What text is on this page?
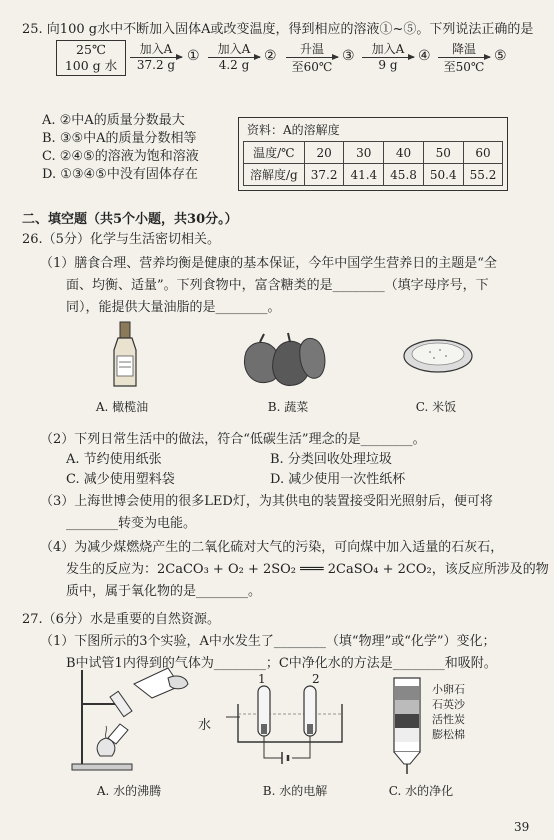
25. 向100 g水中不断加入固体A或改变温度，得到相应的溶液①~⑤。下列说法正确的是
25℃
100 g 水
加入A
37.2 g
①	加入A
4.2 g
②	升温
至60℃
③	加入A
9 g
④	降温
至50℃
⑤
A. ②中A的质量分数最大
B. ③⑤中A的质量分数相等
C. ②④⑤的溶液为饱和溶液
D. ①③④⑤中没有固体存在
资料：A的溶解度
温度/℃	20	30	40	50	60
溶解度/g	37.2	41.4	45.8	50.4	55.2
二、填空题（共5个小题，共30分。）
26.（5分）化学与生活密切相关。
（1）膳食合理、营养均衡是健康的基本保证，今年中国学生营养日的主题是“全
面、均衡、适量”。下列食物中，富含糖类的是________（填字母序号，下
同），能提供大量油脂的是________。
A. 橄榄油	B. 蔬菜	C. 米饭
（2）下列日常生活中的做法，符合“低碳生活”理念的是________。
A. 节约使用纸张	B. 分类回收处理垃圾
C. 减少使用塑料袋	D. 减少使用一次性纸杯
（3）上海世博会使用的很多LED灯，为其供电的装置接受阳光照射后，便可将
________转变为电能。
（4）为减少煤燃烧产生的二氧化硫对大气的污染，可向煤中加入适量的石灰石，
发生的反应为：2CaCO₃ + O₂ + 2SO₂ ═══ 2CaSO₄ + 2CO₂，该反应所涉及的物
质中，属于氧化物的是________。
27.（6分）水是重要的自然资源。
（1）下图所示的3个实验，A中水发生了________（填“物理”或“化学”）变化；
B中试管1内得到的气体为________；C中净化水的方法是________和吸附。
1	2
水
小卵石
石英沙
活性炭
膨松棉
A. 水的沸腾	B. 水的电解	C. 水的净化
39
